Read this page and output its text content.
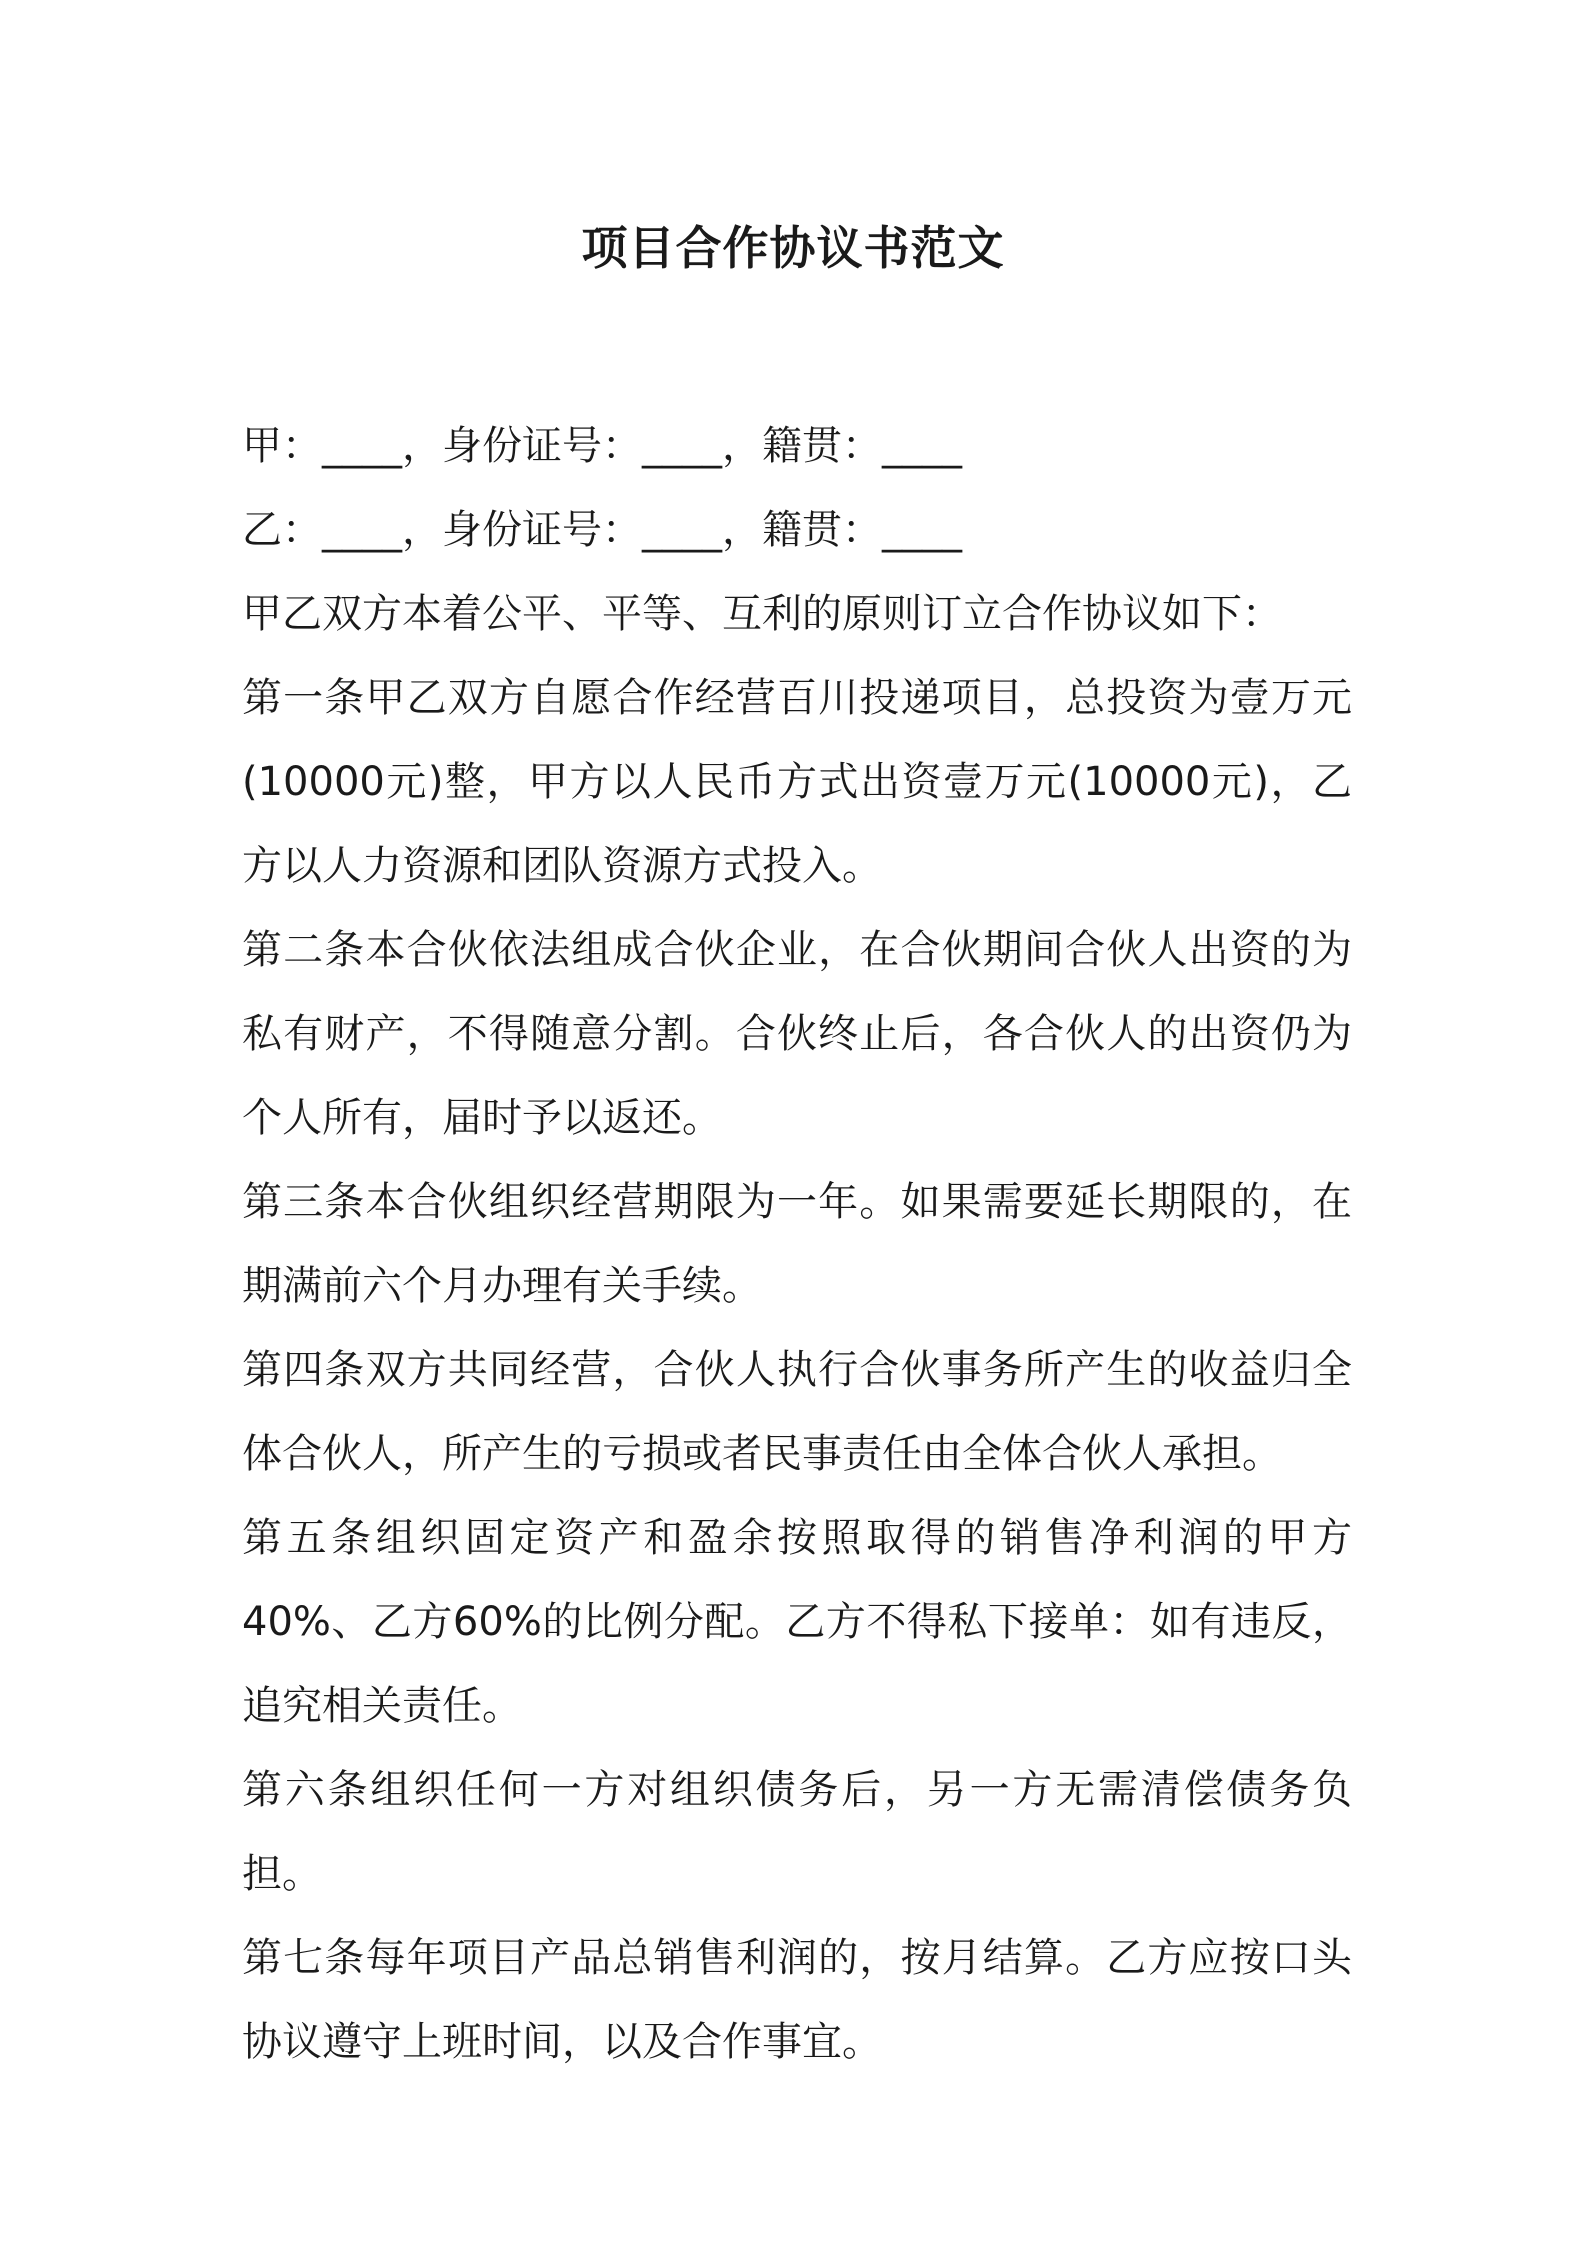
项目合作协议书范文
甲：____，身份证号：____，籍贯：____
乙：____，身份证号：____，籍贯：____
甲乙双方本着公平、平等、互利的原则订立合作协议如下：

第一条甲乙双方自愿合作经营百川投递项目，总投资为壹万元(10000元)整，甲方以人民币方式出资壹万元(10000元)，乙方以人力资源和团队资源方式投入。

第二条本合伙依法组成合伙企业，在合伙期间合伙人出资的为私有财产，不得随意分割。合伙终止后，各合伙人的出资仍为个人所有，届时予以返还。

第三条本合伙组织经营期限为一年。如果需要延长期限的，在期满前六个月办理有关手续。

第四条双方共同经营，合伙人执行合伙事务所产生的收益归全体合伙人，所产生的亏损或者民事责任由全体合伙人承担。

第五条组织固定资产和盈余按照取得的销售净利润的甲方40%、乙方60%的比例分配。乙方不得私下接单：如有违反，追究相关责任。

第六条组织任何一方对组织债务后，另一方无需清偿债务负担。

第七条每年项目产品总销售利润的，按月结算。乙方应按口头协议遵守上班时间，以及合作事宜。
